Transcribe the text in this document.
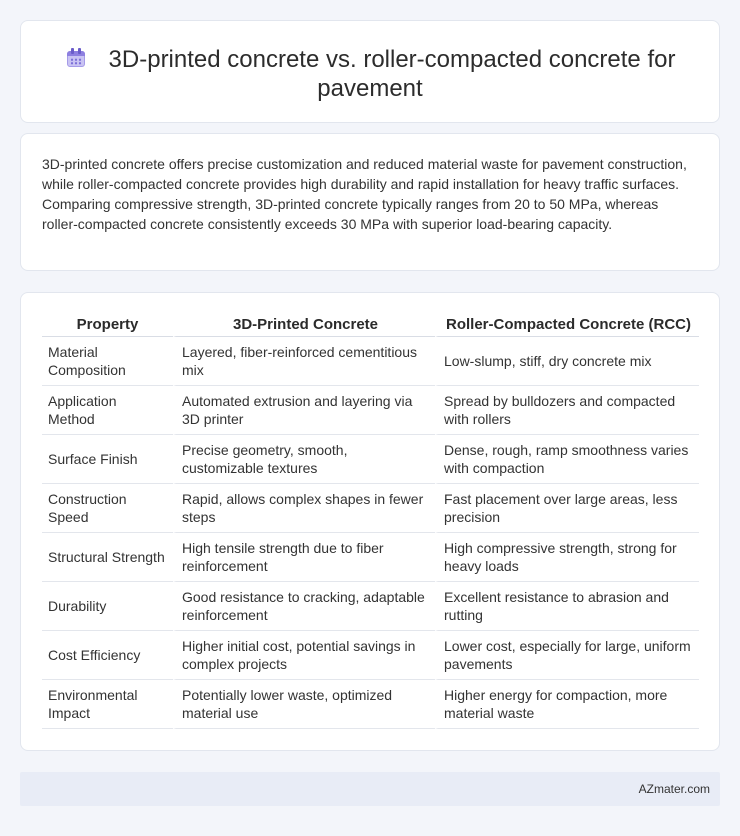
3D-printed concrete vs. roller-compacted concrete for pavement

3D-printed concrete offers precise customization and reduced material waste for pavement construction, while roller-compacted concrete provides high durability and rapid installation for heavy traffic surfaces. Comparing compressive strength, 3D-printed concrete typically ranges from 20 to 50 MPa, whereas roller-compacted concrete consistently exceeds 30 MPa with superior load-bearing capacity.

Property	3D-Printed Concrete	Roller-Compacted Concrete (RCC)
Material Composition	Layered, fiber-reinforced cementitious mix	Low-slump, stiff, dry concrete mix
Application Method	Automated extrusion and layering via 3D printer	Spread by bulldozers and compacted with rollers
Surface Finish	Precise geometry, smooth, customizable textures	Dense, rough, ramp smoothness varies with compaction
Construction Speed	Rapid, allows complex shapes in fewer steps	Fast placement over large areas, less precision
Structural Strength	High tensile strength due to fiber reinforcement	High compressive strength, strong for heavy loads
Durability	Good resistance to cracking, adaptable reinforcement	Excellent resistance to abrasion and rutting
Cost Efficiency	Higher initial cost, potential savings in complex projects	Lower cost, especially for large, uniform pavements
Environmental Impact	Potentially lower waste, optimized material use	Higher energy for compaction, more material waste
AZmater.com
